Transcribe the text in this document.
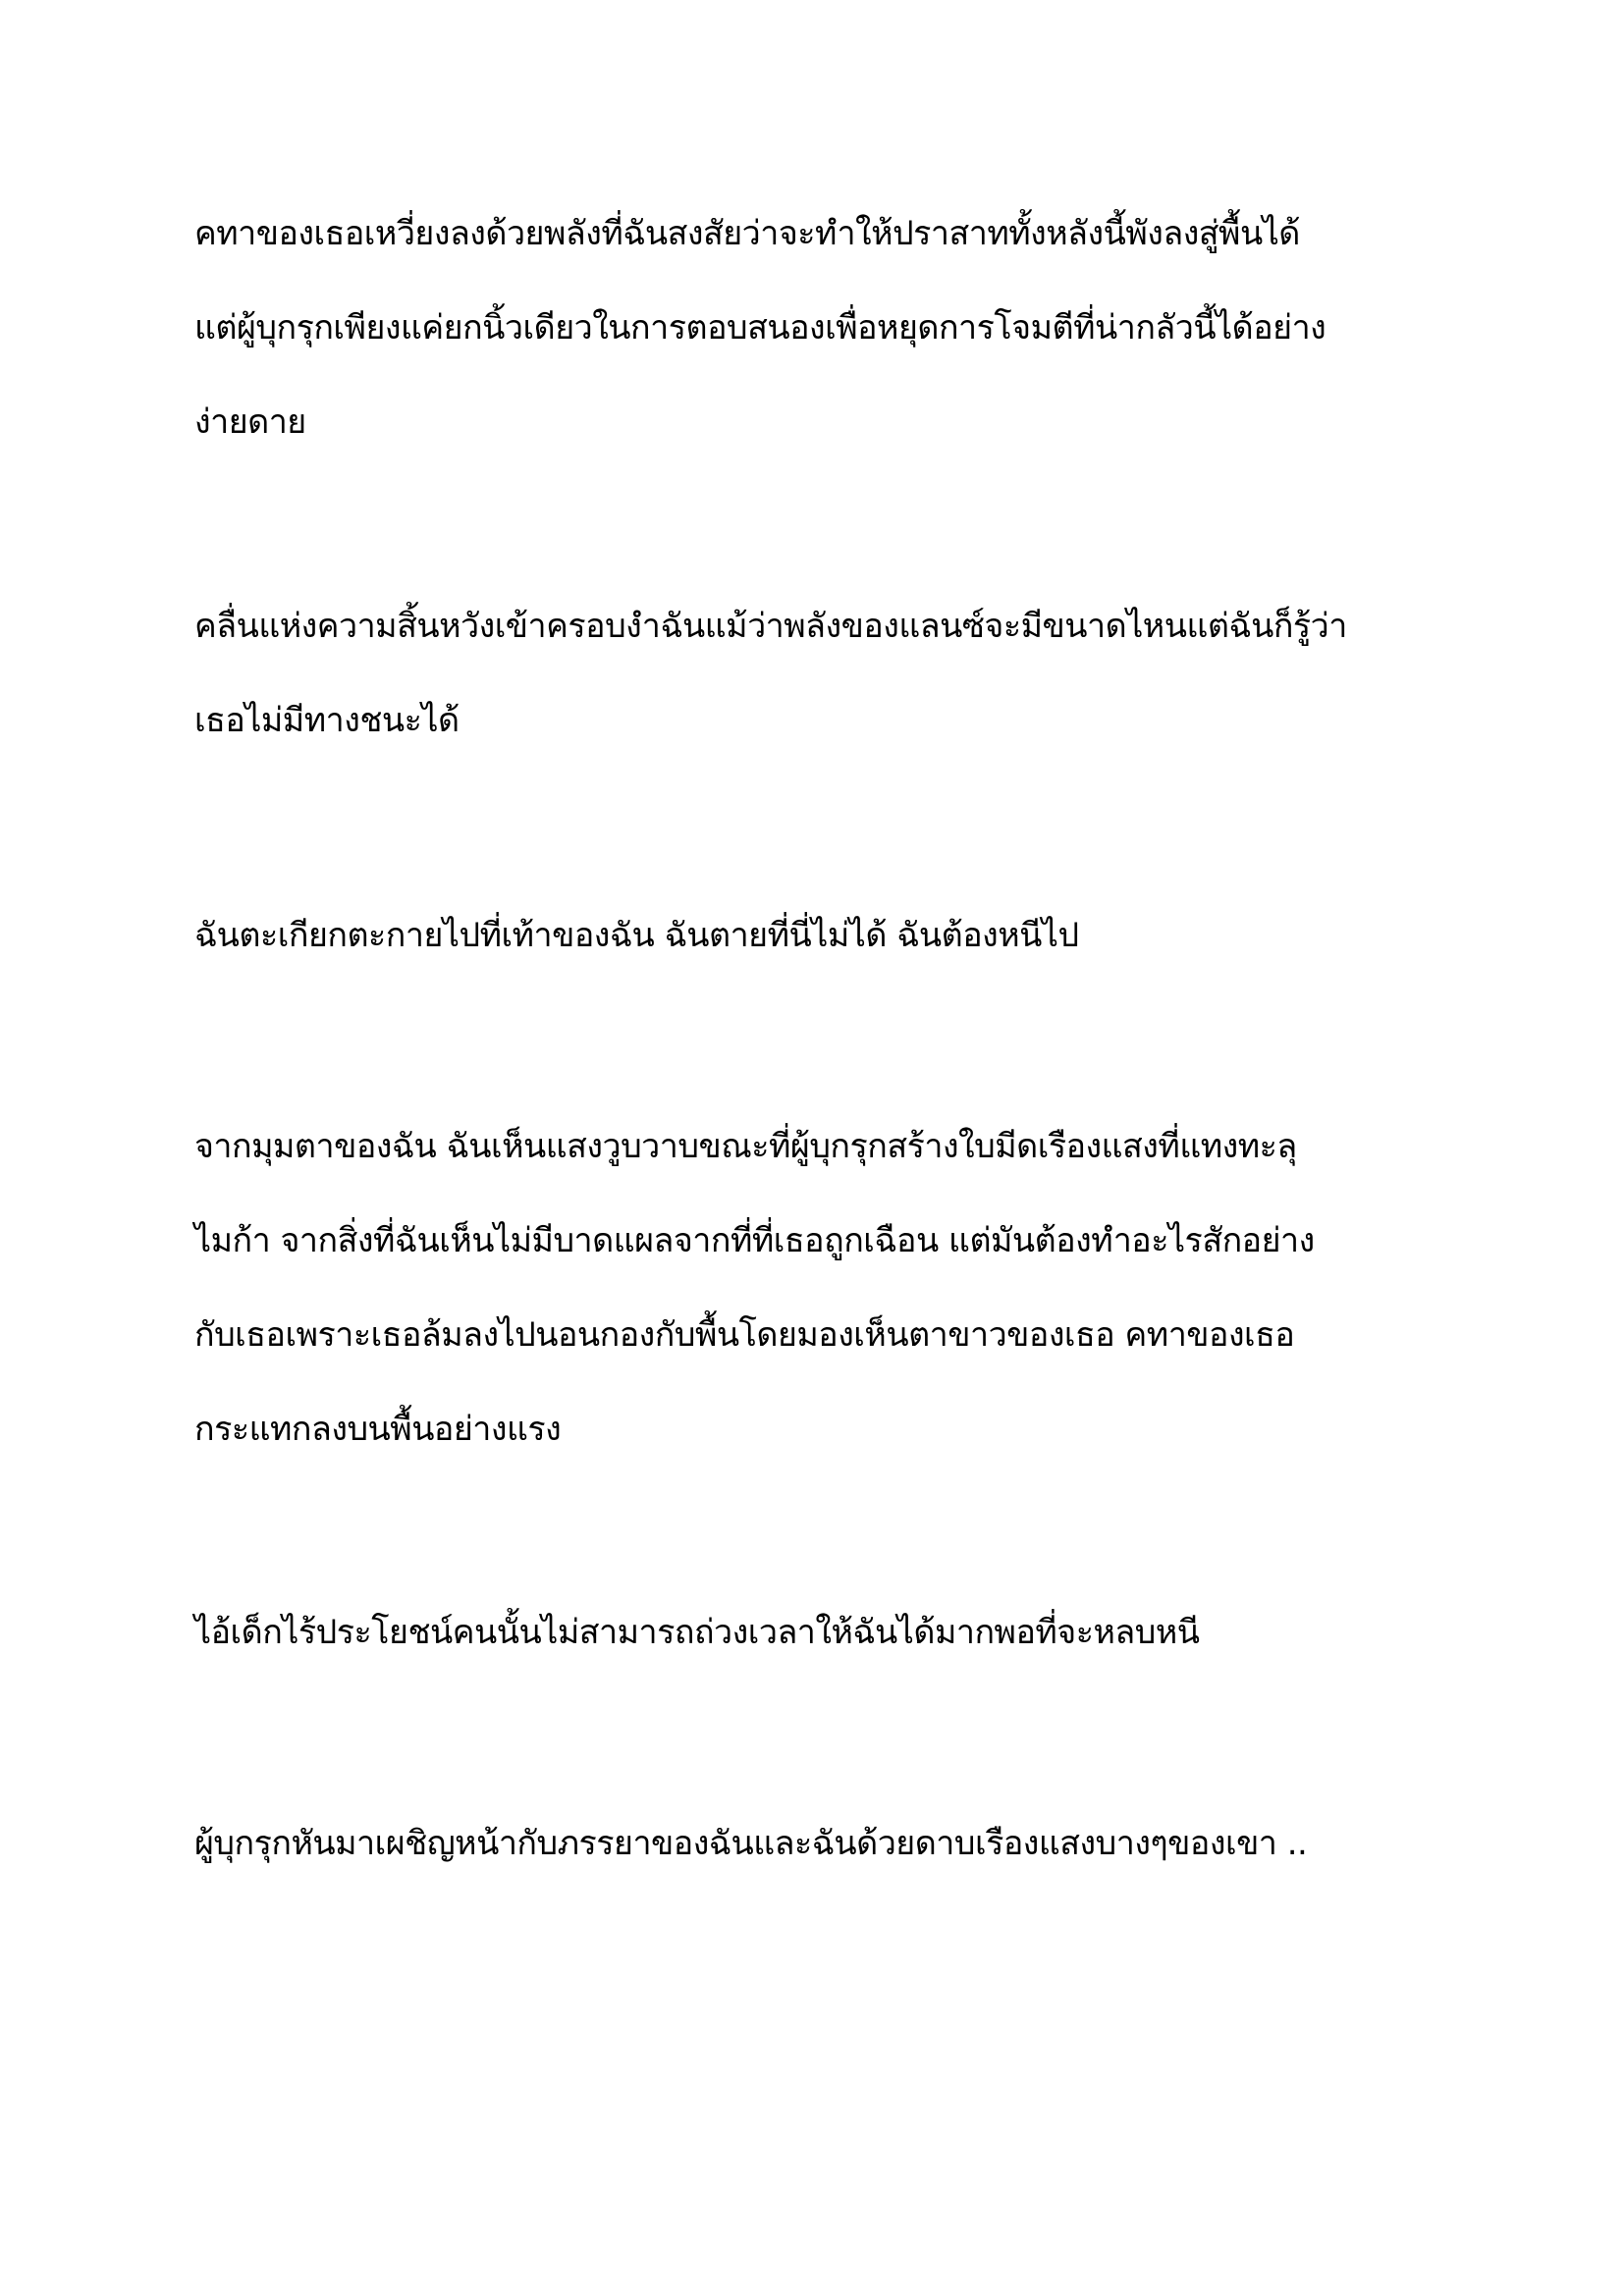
คทาของเธอเหวี่ยงลงด้วยพลังที่ฉันสงสัยว่าจะทำให้ปราสาททั้งหลังนี้พังลงสู่พื้นได้
แต่ผู้บุกรุกเพียงแค่ยกนิ้วเดียวในการตอบสนองเพื่อหยุดการโจมตีที่น่ากลัวนี้ได้อย่าง
ง่ายดาย

คลื่นแห่งความสิ้นหวังเข้าครอบงำฉันแม้ว่าพลังของแลนซ์จะมีขนาดไหนแต่ฉันก็รู้ว่า
เธอไม่มีทางชนะได้

ฉันตะเกียกตะกายไปที่เท้าของฉัน ฉันตายที่นี่ไม่ได้ ฉันต้องหนีไป

จากมุมตาของฉัน ฉันเห็นแสงวูบวาบขณะที่ผู้บุกรุกสร้างใบมีดเรืองแสงที่แทงทะลุ
ไมก้า จากสิ่งที่ฉันเห็นไม่มีบาดแผลจากที่ที่เธอถูกเฉือน แต่มันต้องทำอะไรสักอย่าง
กับเธอเพราะเธอล้มลงไปนอนกองกับพื้นโดยมองเห็นตาขาวของเธอ คทาของเธอ
กระแทกลงบนพื้นอย่างแรง

ไอ้เด็กไร้ประโยชน์คนนั้นไม่สามารถถ่วงเวลาให้ฉันได้มากพอที่จะหลบหนี

ผู้บุกรุกหันมาเผชิญหน้ากับภรรยาของฉันและฉันด้วยดาบเรืองแสงบางๆของเขา ..
